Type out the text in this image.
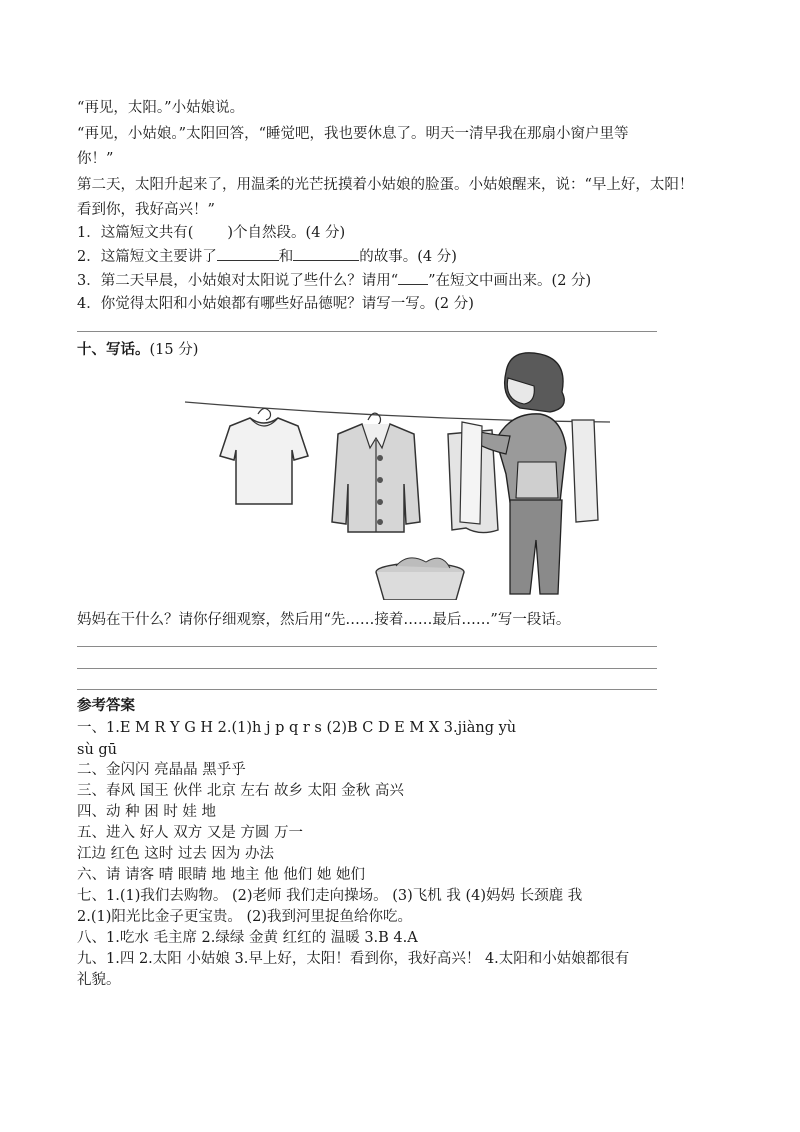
“再见，太阳。”小姑娘说。
“再见，小姑娘。”太阳回答，“睡觉吧，我也要休息了。明天一清早我在那扇小窗户里等
你！”
第二天，太阳升起来了，用温柔的光芒抚摸着小姑娘的脸蛋。小姑娘醒来，说：“早上好，太阳！
看到你，我好高兴！”
1．这篇短文共有( )个自然段。(4 分)
2．这篇短文主要讲了	和	的故事。(4 分)
3．第二天早晨，小姑娘对太阳说了些什么？请用“ ”在短文中画出来。(2 分)
4．你觉得太阳和小姑娘都有哪些好品德呢？请写一写。(2 分)
十、写话。(15 分)
妈妈在干什么？请你仔细观察，然后用“先……接着……最后……”写一段话。
参考答案
一、1.E M R Y G H 2.(1)h j p q r s (2)B C D E M X 3.jiàng yù
sù gū
二、金闪闪 亮晶晶 黑乎乎
三、春风 国王 伙伴 北京 左右 故乡 太阳 金秋 高兴
四、动 种 困 时 娃 地
五、进入 好人 双方 又是 方圆 万一
江边 红色 这时 过去 因为 办法
六、请 请客 晴 眼睛 地 地主 他 他们 她 她们
七、1.(1)我们去购物。 (2)老师 我们走向操场。 (3)飞机 我 (4)妈妈 长颈鹿 我
2.(1)阳光比金子更宝贵。 (2)我到河里捉鱼给你吃。
八、1.吃水 毛主席 2.绿绿 金黄 红红的 温暖 3.B 4.A
九、1.四 2.太阳 小姑娘 3.早上好，太阳！看到你，我好高兴！ 4.太阳和小姑娘都很有
礼貌。
